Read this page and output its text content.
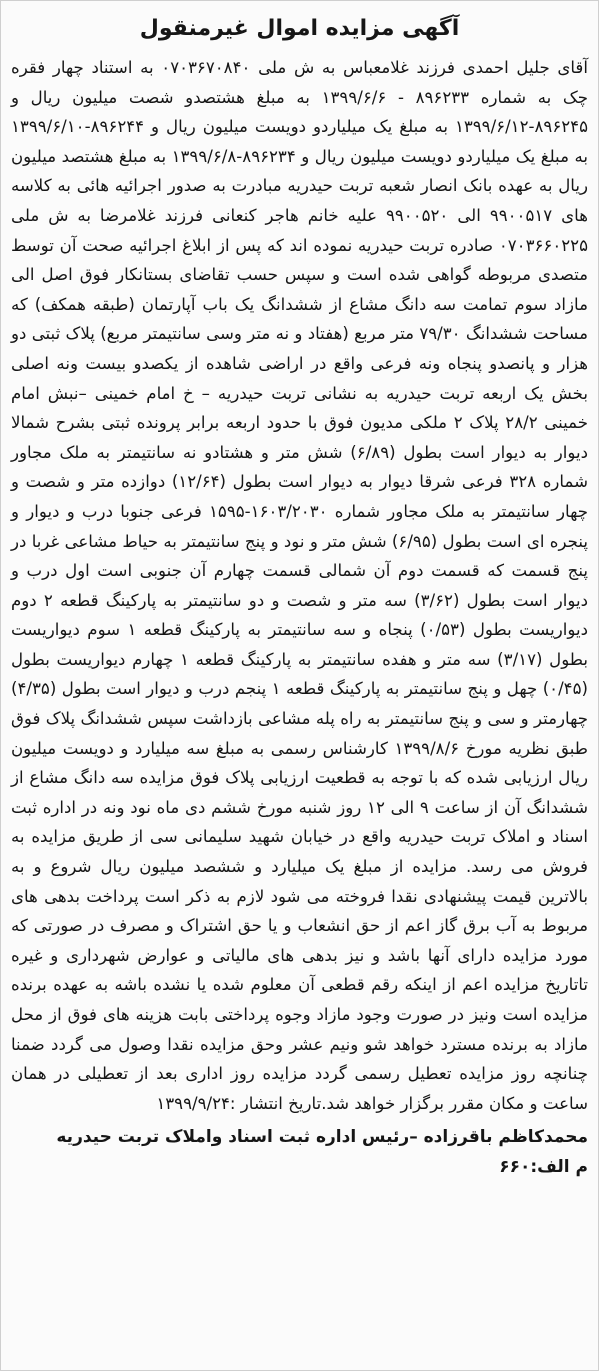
آگهی مزایده اموال غیرمنقول

آقای جلیل احمدی فرزند غلامعباس به ش ملی ۰۷۰۳۶۷۰۸۴۰ به استناد چهار فقره چک به شماره ۸۹۶۲۳۳ - ۱۳۹۹/۶/۶ به مبلغ هشتصدو شصت میلیون ریال و ۸۹۶۲۴۵-۱۳۹۹/۶/۱۲ به مبلغ یک میلیاردو دویست میلیون ریال و ۸۹۶۲۴۴-۱۳۹۹/۶/۱۰ به مبلغ یک میلیاردو دویست میلیون ریال و ۸۹۶۲۳۴-۱۳۹۹/۶/۸ به مبلغ هشتصد میلیون ریال به عهده بانک انصار شعبه تربت حیدریه مبادرت به صدور اجرائیه هائی به کلاسه های ۹۹۰۰۵۱۷ الی ۹۹۰۰۵۲۰ علیه خانم هاجر کنعانی فرزند غلامرضا به ش ملی ۰۷۰۳۶۶۰۲۲۵ صادره تربت حیدریه نموده اند که پس از ابلاغ اجرائیه صحت آن توسط متصدی مربوطه گواهی شده است و سپس حسب تقاضای بستانکار فوق اصل الی مازاد سوم تمامت سه دانگ مشاع از ششدانگ یک باب آپارتمان (طبقه همکف) که مساحت ششدانگ ۷۹/۳۰ متر مربع (هفتاد و نه متر وسی سانتیمتر مربع) پلاک ثبتی دو هزار و پانصدو پنجاه ونه فرعی واقع در اراضی شاهده از یکصدو بیست ونه اصلی بخش یک اربعه تربت حیدریه به نشانی تربت حیدریه – خ امام خمینی –نبش امام خمینی ۲۸/۲ پلاک ۲ ملکی مدیون فوق با حدود اربعه برابر پرونده ثبتی بشرح شمالا دیوار به دیوار است بطول (۶/۸۹) شش متر و هشتادو نه سانتیمتر به ملک مجاور شماره ۳۲۸ فرعی شرقا دیوار به دیوار است بطول (۱۲/۶۴) دوازده متر و شصت و چهار سانتیمتر به ملک مجاور شماره ۱۶۰۳/۲۰۳۰-۱۵۹۵ فرعی جنوبا درب و دیوار و پنجره ای است بطول (۶/۹۵) شش متر و نود و پنج سانتیمتر به حیاط مشاعی غربا در پنج قسمت که قسمت دوم آن شمالی قسمت چهارم آن جنوبی است اول درب و دیوار است بطول (۳/۶۲) سه متر و شصت و دو سانتیمتر به پارکینگ قطعه ۲ دوم دیواریست بطول (۰/۵۳) پنجاه و سه سانتیمتر به پارکینگ قطعه ۱ سوم دیواریست بطول (۳/۱۷) سه متر و هفده سانتیمتر به پارکینگ قطعه ۱ چهارم دیواریست بطول (۰/۴۵) چهل و پنج سانتیمتر به پارکینگ قطعه ۱ پنجم درب و دیوار است بطول (۴/۳۵) چهارمتر و سی و پنج سانتیمتر به راه پله مشاعی بازداشت سپس ششدانگ پلاک فوق طبق نظریه مورخ ۱۳۹۹/۸/۶ کارشناس رسمی به مبلغ سه میلیارد و دویست میلیون ریال ارزیابی شده که با توجه به قطعیت ارزیابی پلاک فوق مزایده سه دانگ مشاع از ششدانگ آن از ساعت ۹ الی ۱۲ روز شنبه مورخ ششم دی ماه نود ونه در اداره ثبت اسناد و املاک تربت حیدریه واقع در خیابان شهید سلیمانی سی از طریق مزایده به فروش می رسد. مزایده از مبلغ یک میلیارد و ششصد میلیون ریال شروع و به بالاترین قیمت پیشنهادی نقدا فروخته می شود لازم به ذکر است پرداخت بدهی های مربوط به آب برق گاز اعم از حق انشعاب و یا حق اشتراک و مصرف در صورتی که مورد مزایده دارای آنها باشد و نیز بدهی های مالیاتی و عوارض شهرداری و غیره تاتاریخ مزایده اعم از اینکه رقم قطعی آن معلوم شده یا نشده باشه به عهده برنده مزایده است ونیز در صورت وجود مازاد وجوه پرداختی بابت هزینه های فوق از محل مازاد به برنده مسترد خواهد شو ونیم عشر وحق مزایده نقدا وصول می گردد ضمنا چنانچه روز مزایده تعطیل رسمی گردد مزایده روز اداری بعد از تعطیلی در همان ساعت و مکان مقرر برگزار خواهد شد.تاریخ انتشار :۱۳۹۹/۹/۲۴

محمدکاظم باقرزاده –رئیس اداره ثبت اسناد واملاک تربت حیدریه

م الف:۶۶۰
